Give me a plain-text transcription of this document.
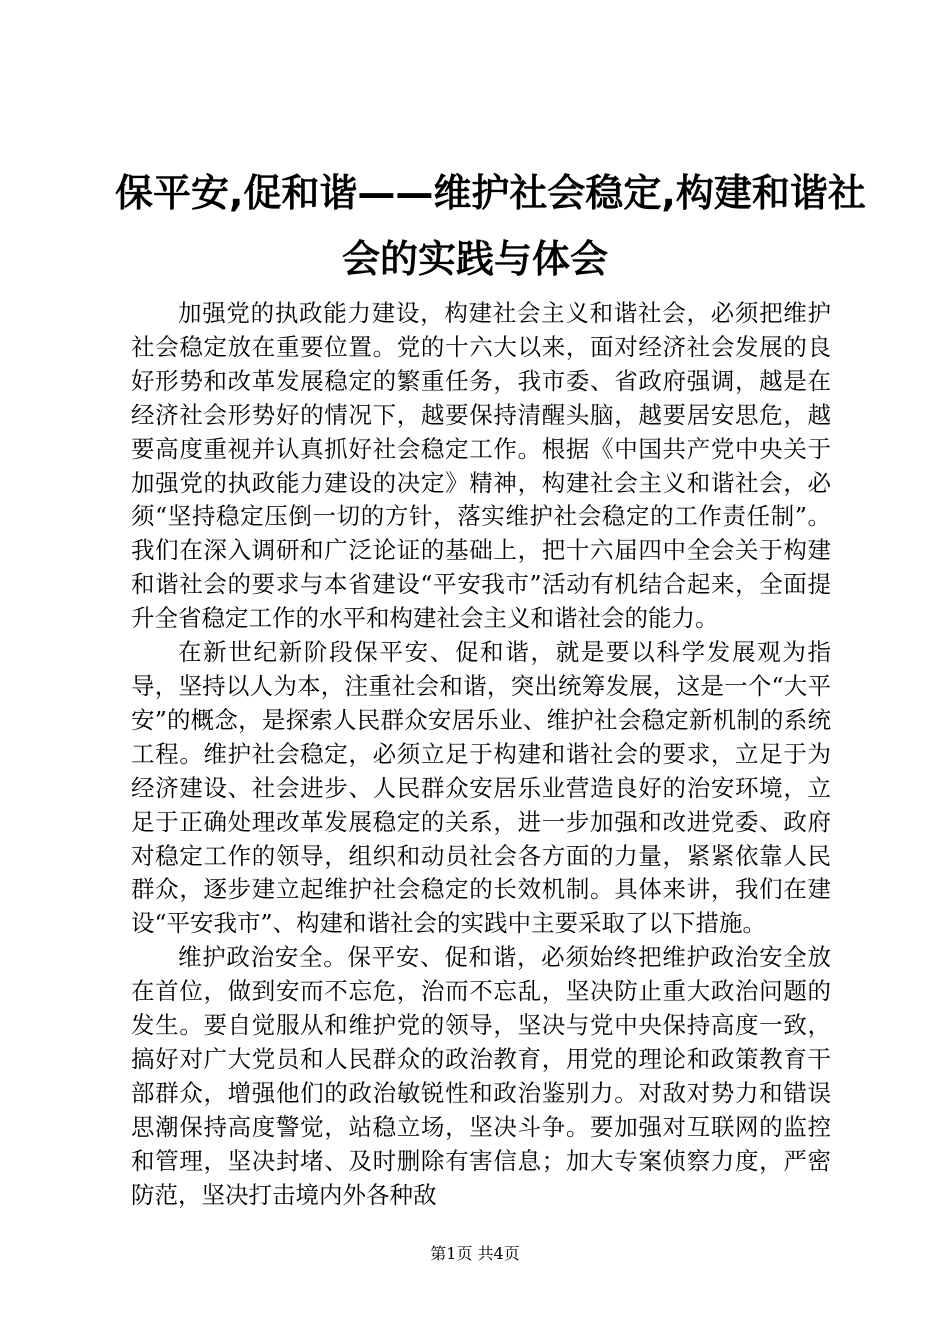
保平安,促和谐——维护社会稳定,构建和谐社
会的实践与体会

加强党的执政能力建设，构建社会主义和谐社会，必须把维护社会稳定放在重要位置。党的十六大以来，面对经济社会发展的良好形势和改革发展稳定的繁重任务，我市委、省政府强调，越是在经济社会形势好的情况下，越要保持清醒头脑，越要居安思危，越要高度重视并认真抓好社会稳定工作。根据《中国共产党中央关于加强党的执政能力建设的决定》精神，构建社会主义和谐社会，必须“坚持稳定压倒一切的方针，落实维护社会稳定的工作责任制”。我们在深入调研和广泛论证的基础上，把十六届四中全会关于构建和谐社会的要求与本省建设“平安我市”活动有机结合起来，全面提升全省稳定工作的水平和构建社会主义和谐社会的能力。

在新世纪新阶段保平安、促和谐，就是要以科学发展观为指导，坚持以人为本，注重社会和谐，突出统筹发展，这是一个“大平安”的概念，是探索人民群众安居乐业、维护社会稳定新机制的系统工程。维护社会稳定，必须立足于构建和谐社会的要求，立足于为经济建设、社会进步、人民群众安居乐业营造良好的治安环境，立足于正确处理改革发展稳定的关系，进一步加强和改进党委、政府对稳定工作的领导，组织和动员社会各方面的力量，紧紧依靠人民群众，逐步建立起维护社会稳定的长效机制。具体来讲，我们在建设“平安我市”、构建和谐社会的实践中主要采取了以下措施。

维护政治安全。保平安、促和谐，必须始终把维护政治安全放在首位，做到安而不忘危，治而不忘乱，坚决防止重大政治问题的发生。要自觉服从和维护党的领导，坚决与党中央保持高度一致，搞好对广大党员和人民群众的政治教育，用党的理论和政策教育干部群众，增强他们的政治敏锐性和政治鉴别力。对敌对势力和错误思潮保持高度警觉，站稳立场，坚决斗争。要加强对互联网的监控和管理，坚决封堵、及时删除有害信息；加大专案侦察力度，严密防范，坚决打击境内外各种敌

第1页 共4页
